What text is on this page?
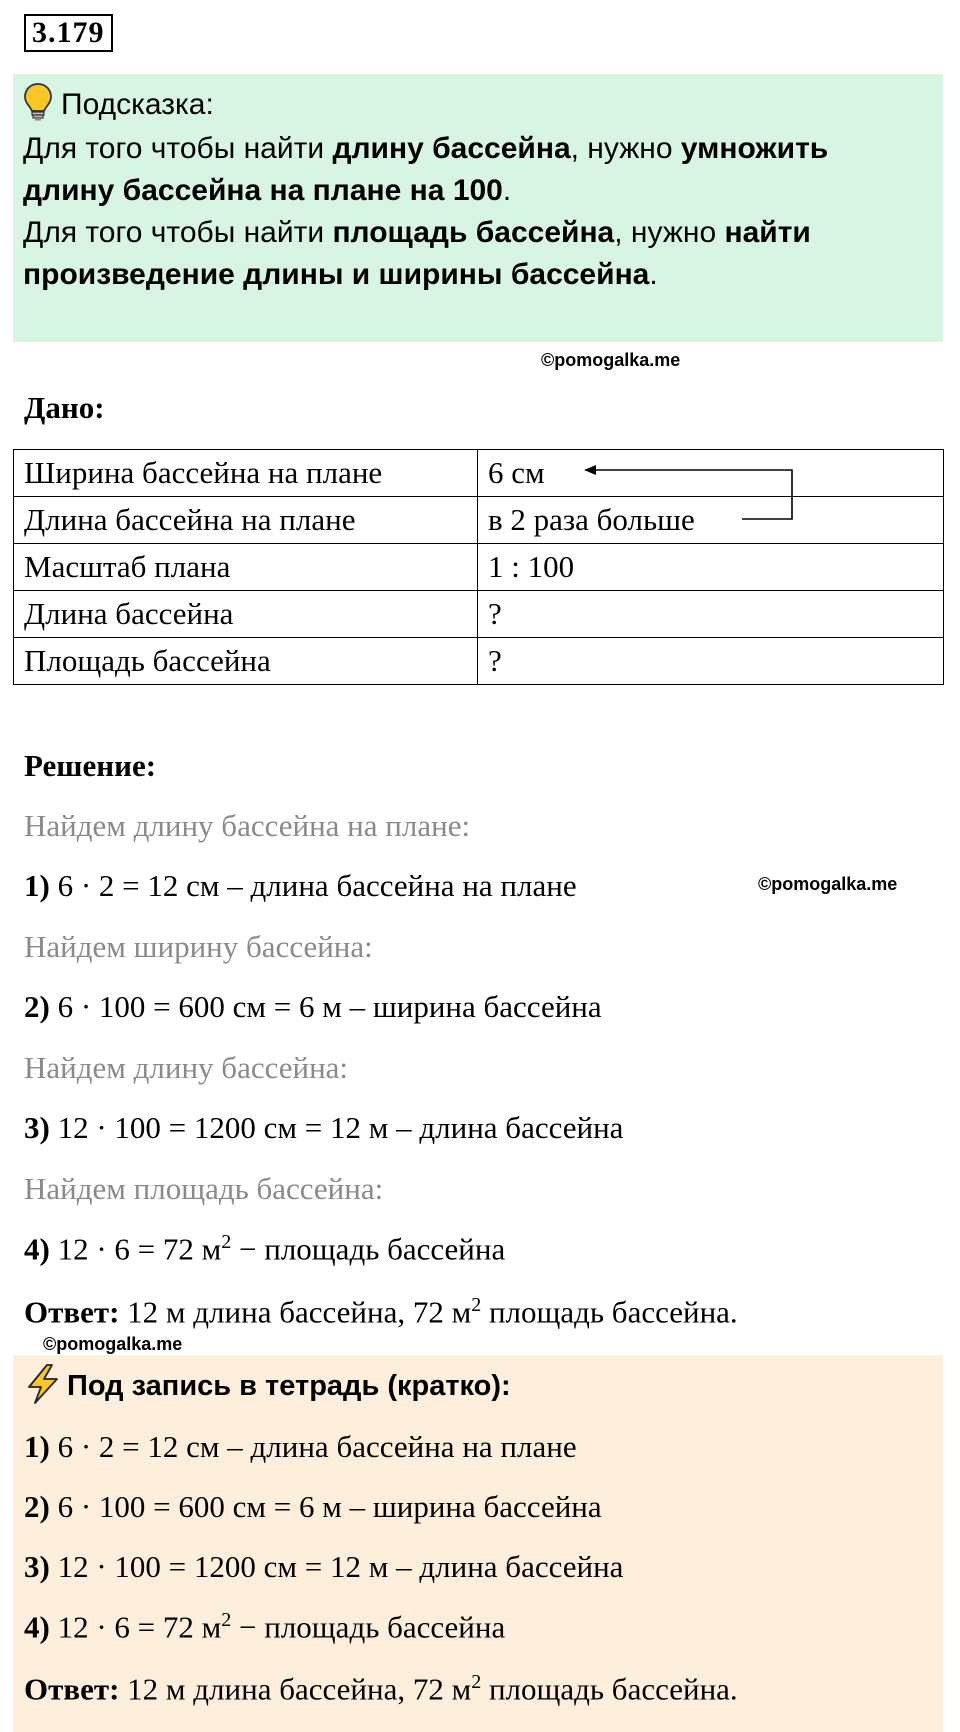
3.179
Подсказка:
Для того чтобы найти длину бассейна, нужно умножить
длину бассейна на плане на 100.
Для того чтобы найти площадь бассейна, нужно найти
произведение длины и ширины бассейна.
©pomogalka.me
Дано:
Ширина бассейна на плане	6 см
Длина бассейна на плане	в 2 раза больше
Масштаб плана	1 : 100
Длина бассейна	?
Площадь бассейна	?
Решение:
Найдем длину бассейна на плане:
1) 6 · 2 = 12 см – длина бассейна на плане	©pomogalka.me
Найдем ширину бассейна:
2) 6 · 100 = 600 см = 6 м – ширина бассейна
Найдем длину бассейна:
3) 12 · 100 = 1200 см = 12 м – длина бассейна
Найдем площадь бассейна:
4) 12 · 6 = 72 $м^2$ − площадь бассейна
Ответ: 12 м длина бассейна, 72 $м^2$ площадь бассейна.
©pomogalka.me
Под запись в тетрадь (кратко):
1) 6 · 2 = 12 см – длина бассейна на плане
2) 6 · 100 = 600 см = 6 м – ширина бассейна
3) 12 · 100 = 1200 см = 12 м – длина бассейна
4) 12 · 6 = 72 $м^2$ − площадь бассейна
Ответ: 12 м длина бассейна, 72 $м^2$ площадь бассейна.
